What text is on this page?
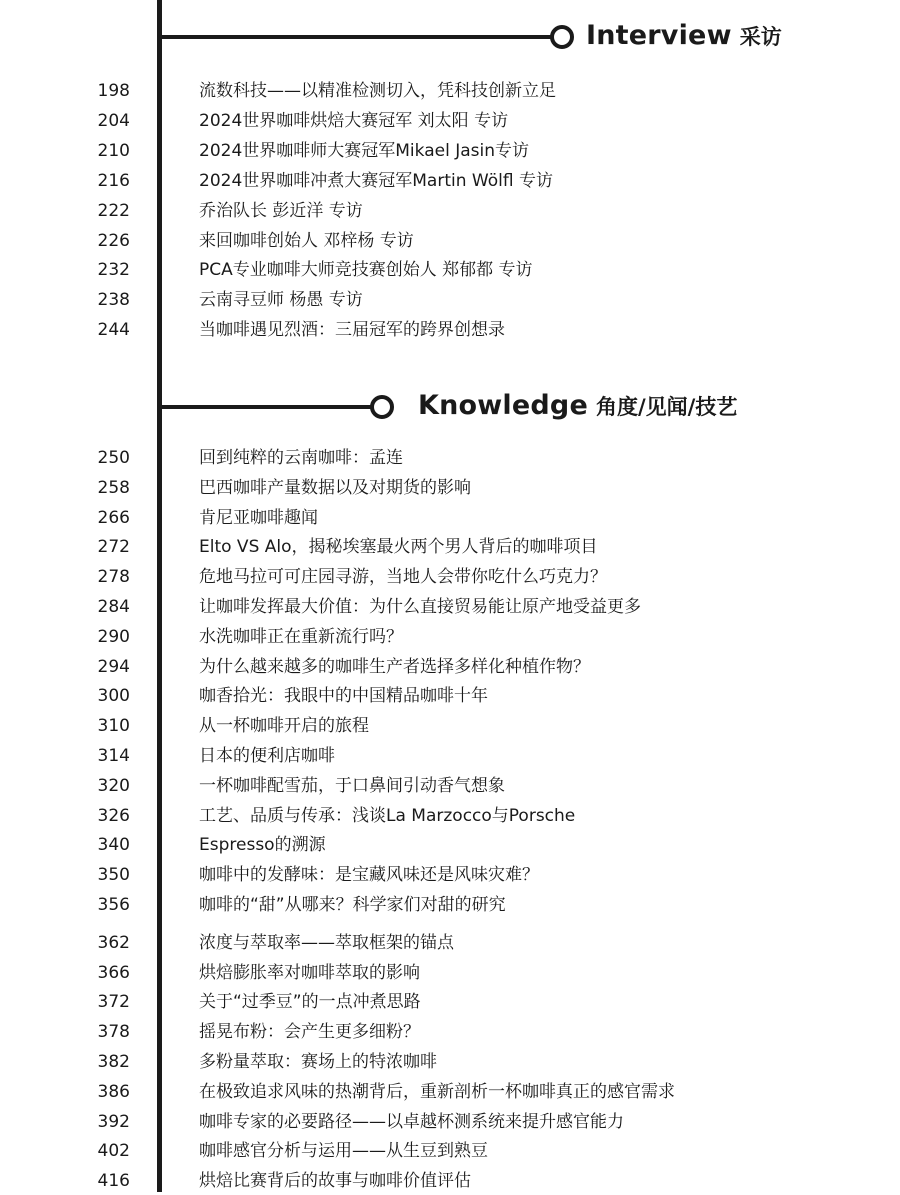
Interview 采访
198	流数科技——以精准检测切入，凭科技创新立足
204	2024世界咖啡烘焙大赛冠军 刘太阳 专访
210	2024世界咖啡师大赛冠军Mikael Jasin专访
216	2024世界咖啡冲煮大赛冠军Martin Wölfl 专访
222	乔治队长 彭近洋 专访
226	来回咖啡创始人 邓梓杨 专访
232	PCA专业咖啡大师竞技赛创始人 郑郁都 专访
238	云南寻豆师 杨愚 专访
244	当咖啡遇见烈酒：三届冠军的跨界创想录
Knowledge 角度/见闻/技艺
250	回到纯粹的云南咖啡：孟连
258	巴西咖啡产量数据以及对期货的影响
266	肯尼亚咖啡趣闻
272	Elto VS Alo，揭秘埃塞最火两个男人背后的咖啡项目
278	危地马拉可可庄园寻游，当地人会带你吃什么巧克力？
284	让咖啡发挥最大价值：为什么直接贸易能让原产地受益更多
290	水洗咖啡正在重新流行吗？
294	为什么越来越多的咖啡生产者选择多样化种植作物？
300	咖香拾光：我眼中的中国精品咖啡十年
310	从一杯咖啡开启的旅程
314	日本的便利店咖啡
320	一杯咖啡配雪茄，于口鼻间引动香气想象
326	工艺、品质与传承：浅谈La Marzocco与Porsche
340	Espresso的溯源
350	咖啡中的发酵味：是宝藏风味还是风味灾难？
356	咖啡的“甜”从哪来？科学家们对甜的研究
362	浓度与萃取率——萃取框架的锚点
366	烘焙膨胀率对咖啡萃取的影响
372	关于“过季豆”的一点冲煮思路
378	摇晃布粉：会产生更多细粉？
382	多粉量萃取：赛场上的特浓咖啡
386	在极致追求风味的热潮背后，重新剖析一杯咖啡真正的感官需求
392	咖啡专家的必要路径——以卓越杯测系统来提升感官能力
402	咖啡感官分析与运用——从生豆到熟豆
416	烘焙比赛背后的故事与咖啡价值评估
